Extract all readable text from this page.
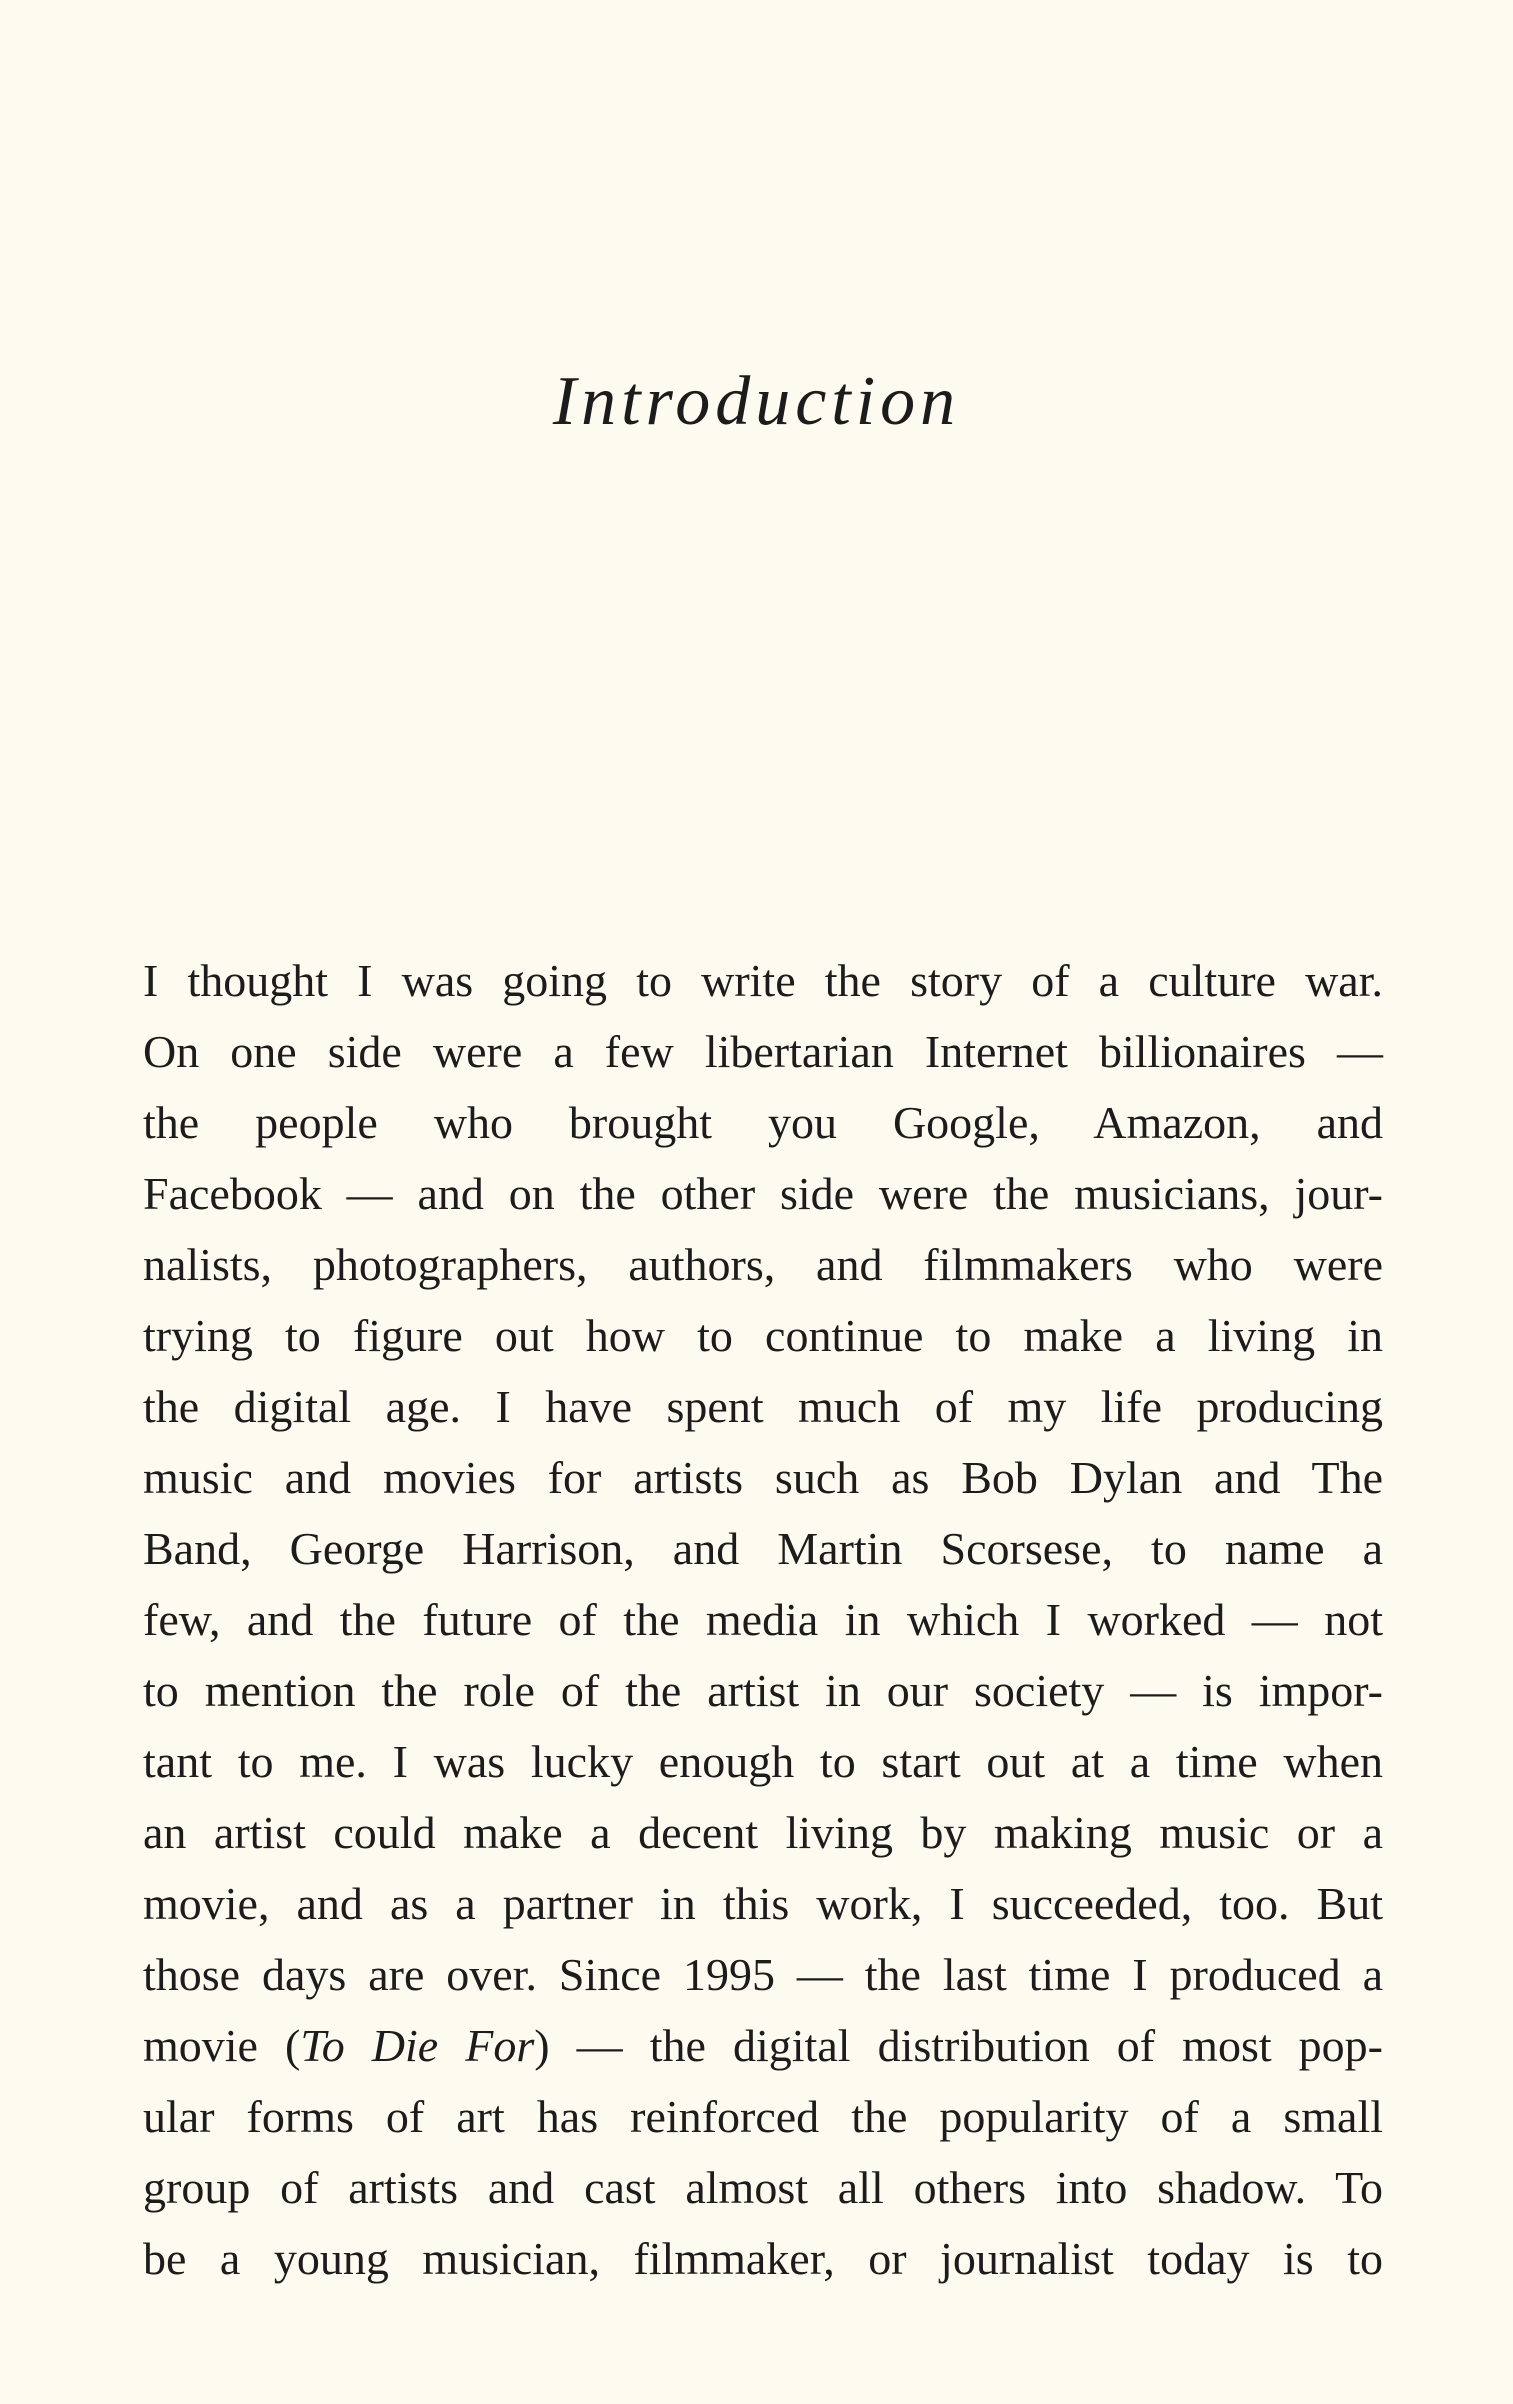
Introduction
I thought I was going to write the story of a culture war.
On one side were a few libertarian Internet billionaires —
the people who brought you Google, Amazon, and
Facebook — and on the other side were the musicians, jour-
nalists, photographers, authors, and filmmakers who were
trying to figure out how to continue to make a living in
the digital age. I have spent much of my life producing
music and movies for artists such as Bob Dylan and The
Band, George Harrison, and Martin Scorsese, to name a
few, and the future of the media in which I worked — not
to mention the role of the artist in our society — is impor-
tant to me. I was lucky enough to start out at a time when
an artist could make a decent living by making music or a
movie, and as a partner in this work, I succeeded, too. But
those days are over. Since 1995 — the last time I produced a
movie (To Die For) — the digital distribution of most pop-
ular forms of art has reinforced the popularity of a small
group of artists and cast almost all others into shadow. To
be a young musician, filmmaker, or journalist today is to
